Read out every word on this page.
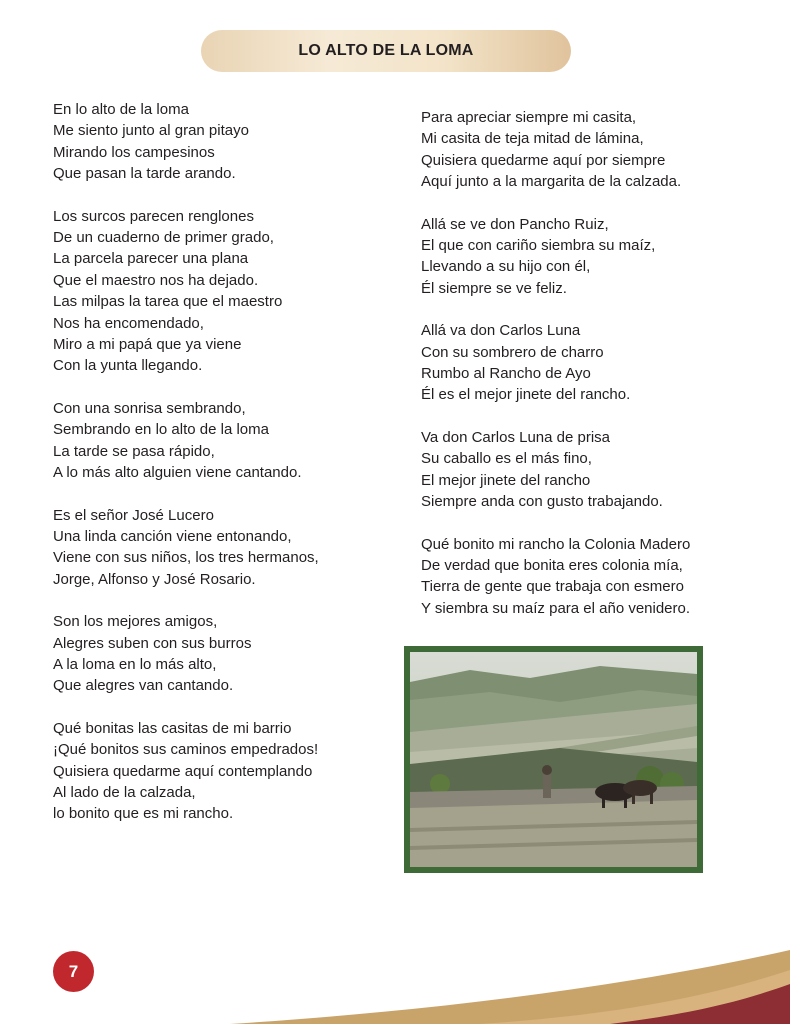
LO ALTO DE LA LOMA
En lo alto de la loma
Me siento junto al gran pitayo
Mirando los campesinos
Que pasan la tarde arando.
Los surcos parecen renglones
De un cuaderno de primer grado,
La parcela parecer una plana
Que el maestro nos ha dejado.
Las milpas la tarea que el maestro
Nos ha encomendado,
Miro a mi papá que ya viene
Con la yunta llegando.
Con una sonrisa sembrando,
Sembrando en lo alto de la loma
La tarde se pasa rápido,
A lo más alto alguien viene cantando.
Es el señor José Lucero
Una linda canción viene entonando,
Viene con sus niños, los tres hermanos,
Jorge, Alfonso y José Rosario.
Son los mejores amigos,
Alegres suben con sus burros
A la loma en lo más alto,
Que alegres van cantando.
Qué bonitas las casitas de mi barrio
¡Qué bonitos sus caminos empedrados!
Quisiera quedarme aquí contemplando
Al lado de la calzada,
lo bonito que es mi rancho.
Para apreciar siempre mi casita,
Mi casita de teja mitad de lámina,
Quisiera quedarme aquí por siempre
Aquí junto a la margarita de la calzada.
Allá se ve don Pancho Ruiz,
El que con cariño siembra su maíz,
Llevando a su hijo con él,
Él siempre se ve feliz.
Allá va don Carlos Luna
Con su sombrero de charro
Rumbo al Rancho de Ayo
Él es el mejor jinete del rancho.
Va don Carlos Luna de prisa
Su caballo es el más fino,
El mejor jinete del rancho
Siempre anda con gusto trabajando.
Qué bonito mi rancho la Colonia Madero
De verdad que bonita eres colonia mía,
Tierra de gente que trabaja con esmero
Y siembra su maíz para el año venidero.
7
